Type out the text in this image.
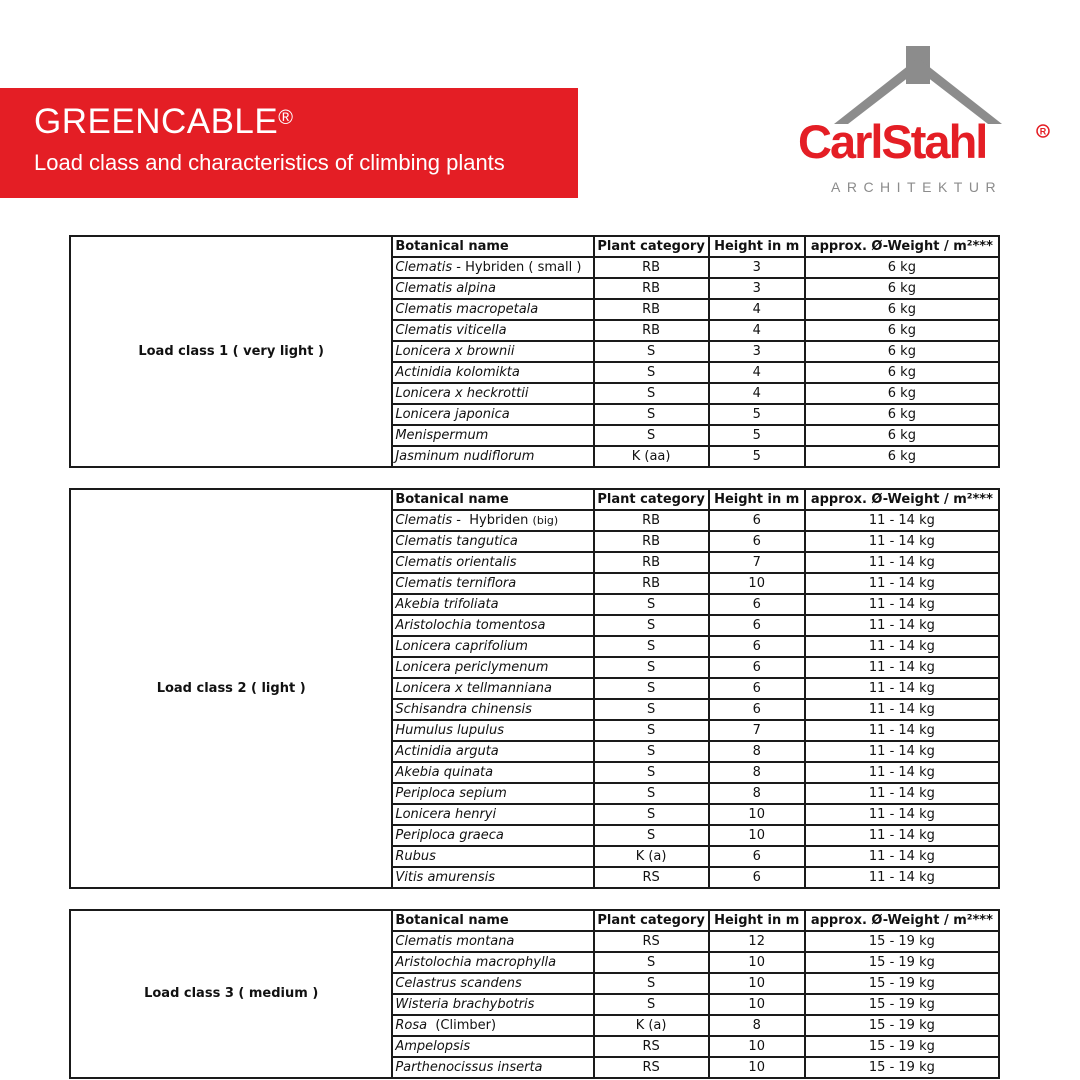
GREENCABLE®
Load class and characteristics of climbing plants	CarlStahl	R
ARCHITEKTUR
Load class 1 ( very light )	Botanical name	Plant category	Height in m	approx. Ø-Weight / m²***
	Clematis - Hybriden ( small )	RB	3	6 kg
	Clematis alpina	RB	3	6 kg
	Clematis macropetala	RB	4	6 kg
	Clematis viticella	RB	4	6 kg
	Lonicera x brownii	S	3	6 kg
	Actinidia kolomikta	S	4	6 kg
	Lonicera x heckrottii	S	4	6 kg
	Lonicera japonica	S	5	6 kg
	Menispermum	S	5	6 kg
	Jasminum nudiflorum	K (aa)	5	6 kg
Load class 2 ( light )	Botanical name	Plant category	Height in m	approx. Ø-Weight / m²***
	Clematis -  Hybriden (big)	RB	6	11 - 14 kg
	Clematis tangutica	RB	6	11 - 14 kg
	Clematis orientalis	RB	7	11 - 14 kg
	Clematis terniflora	RB	10	11 - 14 kg
	Akebia trifoliata	S	6	11 - 14 kg
	Aristolochia tomentosa	S	6	11 - 14 kg
	Lonicera caprifolium	S	6	11 - 14 kg
	Lonicera periclymenum	S	6	11 - 14 kg
	Lonicera x tellmanniana	S	6	11 - 14 kg
	Schisandra chinensis	S	6	11 - 14 kg
	Humulus lupulus	S	7	11 - 14 kg
	Actinidia arguta	S	8	11 - 14 kg
	Akebia quinata	S	8	11 - 14 kg
	Periploca sepium	S	8	11 - 14 kg
	Lonicera henryi	S	10	11 - 14 kg
	Periploca graeca	S	10	11 - 14 kg
	Rubus	K (a)	6	11 - 14 kg
	Vitis amurensis	RS	6	11 - 14 kg
Load class 3 ( medium )	Botanical name	Plant category	Height in m	approx. Ø-Weight / m²***
	Clematis montana	RS	12	15 - 19 kg
	Aristolochia macrophylla	S	10	15 - 19 kg
	Celastrus scandens	S	10	15 - 19 kg
	Wisteria brachybotris	S	10	15 - 19 kg
	Rosa  (Climber)	K (a)	8	15 - 19 kg
	Ampelopsis	RS	10	15 - 19 kg
	Parthenocissus inserta	RS	10	15 - 19 kg
